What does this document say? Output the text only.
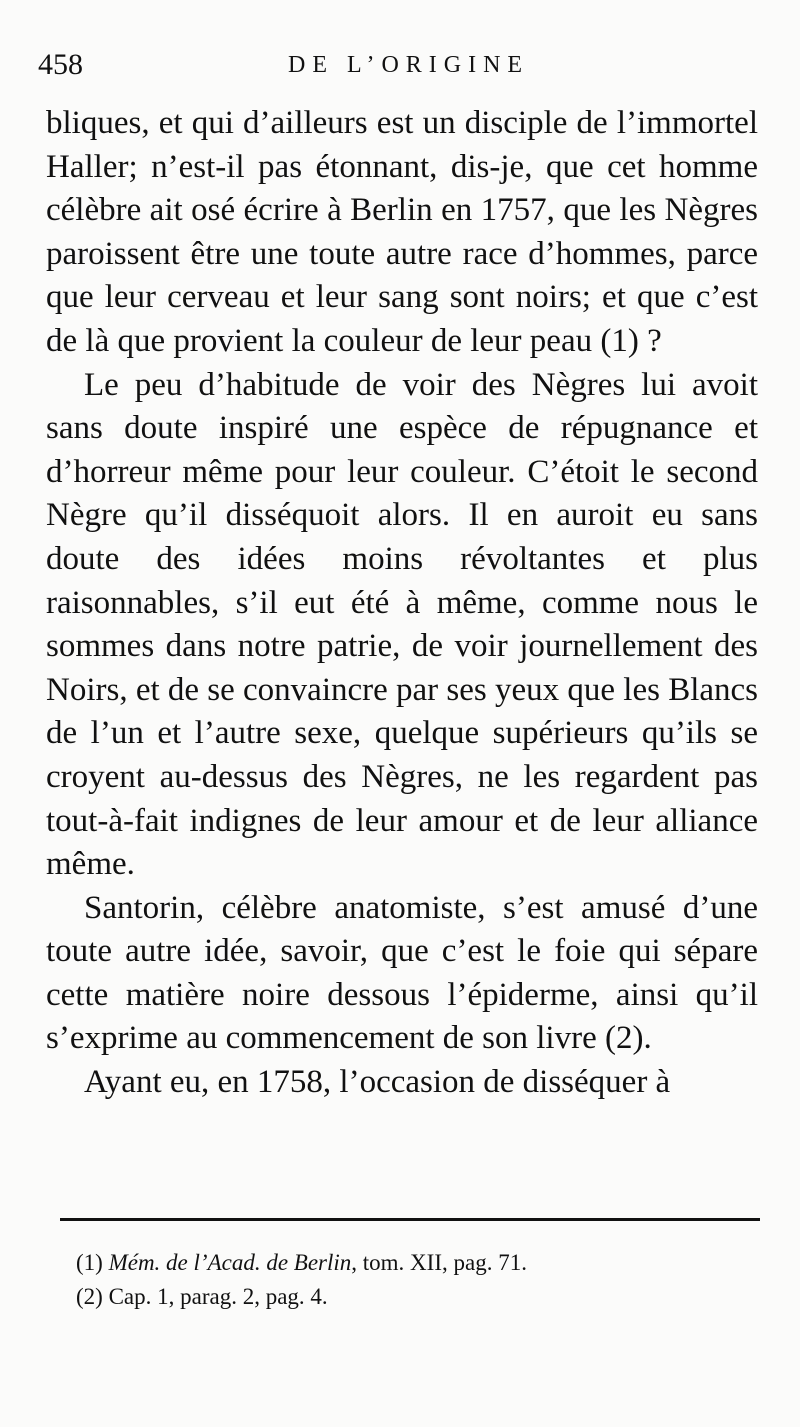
458	DE L’ORIGINE

bliques, et qui d’ailleurs est un disciple de l’immortel Haller; n’est-il pas étonnant, dis-je, que cet homme célèbre ait osé écrire à Berlin en 1757, que les Nègres paroissent être une toute autre race d’hommes, parce que leur cerveau et leur sang sont noirs; et que c’est de là que provient la couleur de leur peau (1) ?

Le peu d’habitude de voir des Nègres lui avoit sans doute inspiré une espèce de répugnance et d’horreur même pour leur couleur. C’étoit le second Nègre qu’il disséquoit alors. Il en auroit eu sans doute des idées moins révoltantes et plus raisonnables, s’il eut été à même, comme nous le sommes dans notre patrie, de voir journellement des Noirs, et de se convaincre par ses yeux que les Blancs de l’un et l’autre sexe, quelque supérieurs qu’ils se croyent au-dessus des Nègres, ne les regardent pas tout-à-fait indignes de leur amour et de leur alliance même.

Santorin, célèbre anatomiste, s’est amusé d’une toute autre idée, savoir, que c’est le foie qui sépare cette matière noire dessous l’épiderme, ainsi qu’il s’exprime au commencement de son livre (2).

Ayant eu, en 1758, l’occasion de disséquer à

(1) Mém. de l’Acad. de Berlin, tom. XII, pag. 71.
(2) Cap. 1, parag. 2, pag. 4.
